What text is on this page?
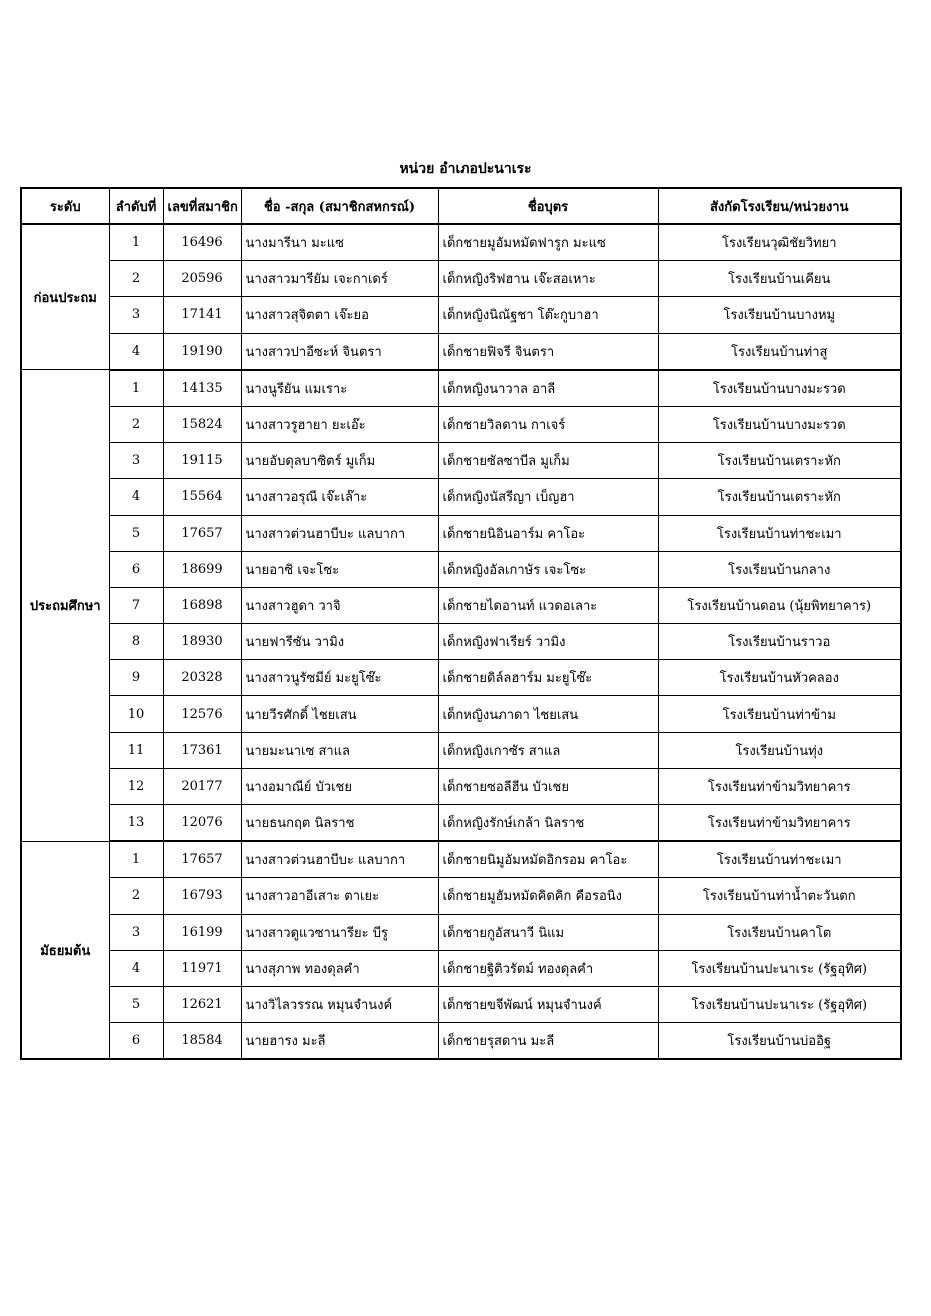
หน่วย อำเภอปะนาเระ
ระดับ	ลำดับที่	เลขที่สมาชิก	ชื่อ -สกุล (สมาชิกสหกรณ์)	ชื่อบุตร	สังกัดโรงเรียน/หน่วยงาน
ก่อนประถม	1	16496	นางมารีนา มะแซ	เด็กชายมูอัมหมัดฟารูก มะแซ	โรงเรียนวุฒิชัยวิทยา
	2	20596	นางสาวมารียัม เจะกาเดร์	เด็กหญิงริฟฮาน เจ๊ะสอเหาะ	โรงเรียนบ้านเคียน
	3	17141	นางสาวสุจิตตา เจ๊ะยอ	เด็กหญิงนิณัฐชา โต๊ะกูบาฮา	โรงเรียนบ้านบางหมู
	4	19190	นางสาวปาอีซะห์ จินตรา	เด็กชายฟิจรี จินตรา	โรงเรียนบ้านท่าสู
ประถมศึกษา	1	14135	นางนูรียัน แมเราะ	เด็กหญิงนาวาล อาลี	โรงเรียนบ้านบางมะรวด
	2	15824	นางสาวรูฮายา ยะเอ๊ะ	เด็กชายวิลดาน กาเจร์	โรงเรียนบ้านบางมะรวด
	3	19115	นายอับดุลบาซิตร์ มูเก็ม	เด็กชายซัลซาบีล มูเก็ม	โรงเรียนบ้านเตราะหัก
	4	15564	นางสาวอรุณี เจ๊ะเล๊าะ	เด็กหญิงนัสรีญา เบ็ญฮา	โรงเรียนบ้านเตราะหัก
	5	17657	นางสาวต่วนฮาบีบะ แลบากา	เด็กชายนิอินอาร์ม คาโอะ	โรงเรียนบ้านท่าชะเมา
	6	18699	นายอาซิ เจะโซะ	เด็กหญิงอัลเกาษัร เจะโซะ	โรงเรียนบ้านกลาง
	7	16898	นางสาวฮูดา วาจิ	เด็กชายไดอานท์ แวดอเลาะ	โรงเรียนบ้านดอน (นุ้ยพิทยาคาร)
	8	18930	นายฟารีซัน วามิง	เด็กหญิงฟาเรียร์ วามิง	โรงเรียนบ้านราวอ
	9	20328	นางสาวนูรัซมีย์ มะยูโซ๊ะ	เด็กชายดิล์ลฮาร์ม มะยูโซ๊ะ	โรงเรียนบ้านหัวคลอง
	10	12576	นายวีรศักดิ์ ไชยเสน	เด็กหญิงนภาดา ไชยเสน	โรงเรียนบ้านท่าข้าม
	11	17361	นายมะนาเซ สาแล	เด็กหญิงเกาซัร สาแล	โรงเรียนบ้านทุ่ง
	12	20177	นางอมาณีย์ บัวเชย	เด็กชายซอลีฮีน บัวเชย	โรงเรียนท่าข้ามวิทยาคาร
	13	12076	นายธนกฤต นิลราช	เด็กหญิงรักษ์เกล้า นิลราช	โรงเรียนท่าข้ามวิทยาคาร
มัธยมต้น	1	17657	นางสาวต่วนฮาบีบะ แลบากา	เด็กชายนิมูอัมหมัดอิกรอม คาโอะ	โรงเรียนบ้านท่าชะเมา
	2	16793	นางสาวอาอีเสาะ ตาเยะ	เด็กชายมูฮัมหมัดคิดคิก คือรอนิง	โรงเรียนบ้านท่าน้ำตะวันตก
	3	16199	นางสาวดูแวซานารียะ บีรู	เด็กชายกูอัสนาวี นิแม	โรงเรียนบ้านคาโต
	4	11971	นางสุภาพ ทองดุลคำ	เด็กชายฐิติวรัตม์ ทองดุลคำ	โรงเรียนบ้านปะนาเระ (รัฐอุทิศ)
	5	12621	นางวิไลวรรณ หมุนจำนงค์	เด็กชายขจีพัฒน์ หมุนจำนงค์	โรงเรียนบ้านปะนาเระ (รัฐอุทิศ)
	6	18584	นายฮารง มะลี	เด็กชายรุสดาน มะลี	โรงเรียนบ้านบ่ออิฐ
